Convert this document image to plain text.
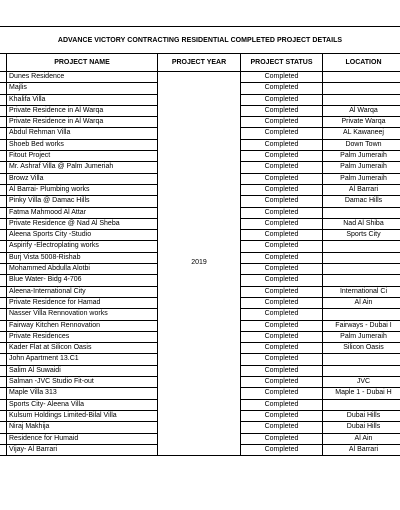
ADVANCE VICTORY CONTRACTING RESIDENTIAL COMPLETED PROJECT DETAILS
	PROJECT NAME	PROJECT YEAR	PROJECT STATUS	LOCATION
	Dunes Residence	2019	Completed	
	Majlis		Completed	
	Khalifa Villa		Completed	
	Private Residence in Al Warqa		Completed	Al Warqa
	Private Residence in Al Warqa		Completed	Private Warqa
	Abdul Rehman Villa		Completed	AL Kawaneej
	Shoeb Bed works		Completed	Down Town
	Fitout Project		Completed	Palm Jumeraih
	Mr. Ashraf Villa @ Palm Jumeriah		Completed	Palm Jumeraih
	Browz Villa		Completed	Palm Jumeraih
	Al Barrai- Plumbing works		Completed	Al Barrari
	Pinky Villa @ Damac Hills		Completed	Damac Hills
	Fatma Mahmood Al Attar		Completed	
	Private Residence @ Nad Al Sheba		Completed	Nad Al Shiba
	Aleena Sports City -Studio		Completed	Sports City
	Aspirify -Electroplating works		Completed	
	Burj Vista 5008-Rishab		Completed	
	Mohammed Abdulla Alotbi		Completed	
	Blue Water- Bidg 4-706		Completed	
	Aleena-International City		Completed	International Ci
	Private Residence for Hamad		Completed	Al Ain
	Nasser Villa Rennovation works		Completed	
	Fairway Kitchen Rennovation		Completed	Fairways - Dubai I
	Private Residences		Completed	Palm Jumeraih
	Kader Flat at Silicon Oasis		Completed	Silicon Oasis
	John Apartment 13.C1		Completed	
	Salim Al Suwaidi		Completed	
	Salman -JVC Studio Fit-out		Completed	JVC
	Maple Villa 313		Completed	Maple 1 - Dubai H
	Sports City- Aleena Villa		Completed	
	Kulsum Holdings Limited-Bilal Villa		Completed	Dubai Hills
	Niraj Makhija		Completed	Dubai Hills
	Residence for Humaid		Completed	Al Ain
	Vijay- Al Barrari		Completed	Al Barrari
